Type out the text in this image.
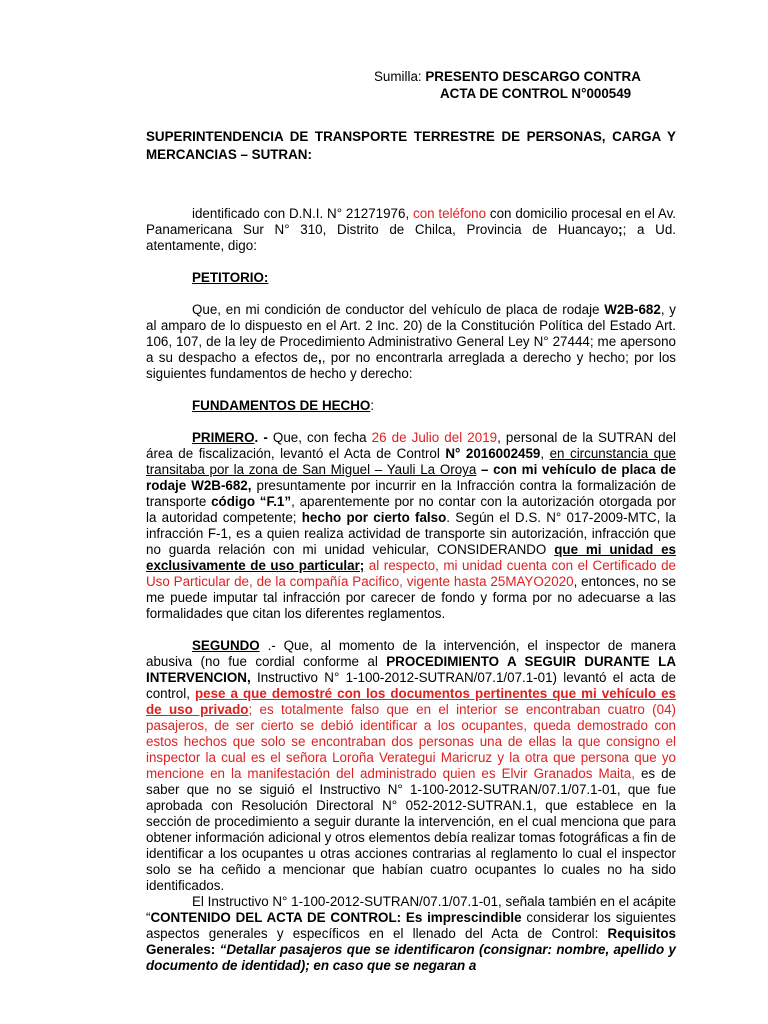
Sumilla: PRESENTO DESCARGO CONTRA
ACTA DE CONTROL N°000549
SUPERINTENDENCIA DE TRANSPORTE TERRESTRE DE PERSONAS, CARGA Y MERCANCIAS – SUTRAN:

identificado con D.N.I. N° 21271976, con teléfono con domicilio procesal en el Av. Panamericana Sur N° 310, Distrito de Chilca, Provincia de Huancayo;; a Ud. atentamente, digo:

PETITORIO:

Que, en mi condición de conductor del vehículo de placa de rodaje W2B-682, y al amparo de lo dispuesto en el Art. 2 Inc. 20) de la Constitución Política del Estado Art. 106, 107, de la ley de Procedimiento Administrativo General Ley N° 27444; me apersono a su despacho a efectos de,, por no encontrarla arreglada a derecho y hecho; por los siguientes fundamentos de hecho y derecho:

FUNDAMENTOS DE HECHO:

PRIMERO. - Que, con fecha 26 de Julio del 2019, personal de la SUTRAN del área de fiscalización, levantó el Acta de Control N° 2016002459, en circunstancia que transitaba por la zona de San Miguel – Yauli La Oroya – con mi vehículo de placa de rodaje W2B-682, presuntamente por incurrir en la Infracción contra la formalización de transporte código “F.1”, aparentemente por no contar con la autorización otorgada por la autoridad competente; hecho por cierto falso. Según el D.S. N° 017-2009-MTC, la infracción F-1, es a quien realiza actividad de transporte sin autorización, infracción que no guarda relación con mi unidad vehicular, CONSIDERANDO que mi unidad es exclusivamente de uso particular; al respecto, mi unidad cuenta con el Certificado de Uso Particular de, de la compañía Pacifico, vigente hasta 25MAYO2020, entonces, no se me puede imputar tal infracción por carecer de fondo y forma por no adecuarse a las formalidades que citan los diferentes reglamentos.

SEGUNDO .- Que, al momento de la intervención, el inspector de manera abusiva (no fue cordial conforme al PROCEDIMIENTO A SEGUIR DURANTE LA INTERVENCION, Instructivo N° 1-100-2012-SUTRAN/07.1/07.1-01) levantó el acta de control, pese a que demostré con los documentos pertinentes que mi vehículo es de uso privado; es totalmente falso que en el interior se encontraban cuatro (04) pasajeros, de ser cierto se debió identificar a los ocupantes, queda demostrado con estos hechos que solo se encontraban dos personas una de ellas la que consigno el inspector la cual es el señora Loroña Verategui Maricruz y la otra que persona que yo mencione en la manifestación del administrado quien es Elvir Granados Maita, es de saber que no se siguió el Instructivo N° 1-100-2012-SUTRAN/07.1/07.1-01, que fue aprobada con Resolución Directoral N° 052-2012-SUTRAN.1, que establece en la sección de procedimiento a seguir durante la intervención, en el cual menciona que para obtener información adicional y otros elementos debía realizar tomas fotográficas a fin de identificar a los ocupantes u otras acciones contrarias al reglamento lo cual el inspector solo se ha ceñido a mencionar que habían cuatro ocupantes lo cuales no ha sido identificados.

El Instructivo N° 1-100-2012-SUTRAN/07.1/07.1-01, señala también en el acápite “CONTENIDO DEL ACTA DE CONTROL: Es imprescindible considerar los siguientes aspectos generales y específicos en el llenado del Acta de Control: Requisitos Generales: “Detallar pasajeros que se identificaron (consignar: nombre, apellido y documento de identidad); en caso que se negaran a
